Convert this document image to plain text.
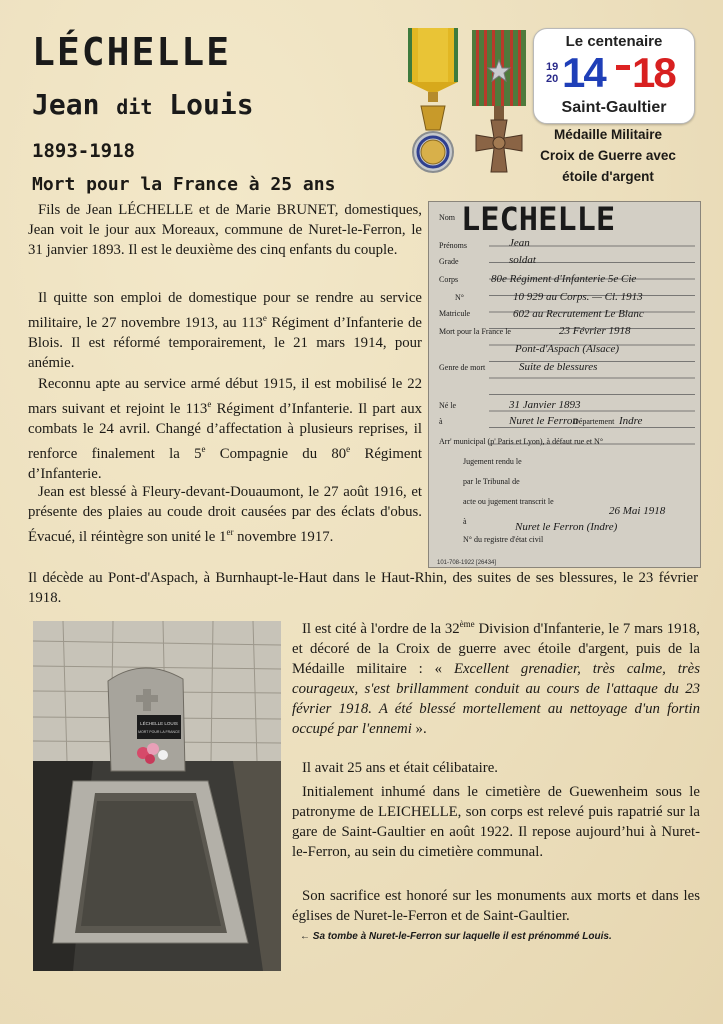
LÉCHELLE
Jean dit Louis
1893-1918
Mort pour la France à 25 ans
Médaille Militaire
Croix de Guerre avec
étoile d'argent
Le centenaire
19
20 14 18
Saint-Gaultier
LECHELLE
Nom
Prénoms
Grade
Corps
N°
Matricule
Mort pour la France le
Genre de mort
Né le
à	Département
Arr' municipal (p' Paris et Lyon), à défaut rue et N°
Jugement rendu le
par le Tribunal de
acte ou jugement transcrit le
à
N° du registre d'état civil
Jean
soldat
80e Régiment d'Infanterie 5e Cie
10 929 au Corps. — Cl. 1913
602 au Recrutement Le Blanc
23 Février 1918
Pont-d'Aspach (Alsace)
Suite de blessures
31 Janvier 1893
Nuret le Ferron	Indre
26 Mai 1918
Nuret le Ferron (Indre)
101-708-1922 [26434]
Fils de Jean LÉCHELLE et de Marie BRUNET, domestiques, Jean voit le jour aux Moreaux, commune de Nuret-le-Ferron, le 31 janvier 1893. Il est le deuxième des cinq enfants du couple.
Il quitte son emploi de domestique pour se rendre au service militaire, le 27 novembre 1913, au 113e Régiment d’Infanterie de Blois. Il est réformé temporairement, le 21 mars 1914, pour anémie.
Reconnu apte au service armé début 1915, il est mobilisé le 22 mars suivant et rejoint le 113e Régiment d’Infanterie. Il part aux combats le 24 avril. Changé d’affectation à plusieurs reprises, il renforce finalement la 5e Compagnie du 80e Régiment d’Infanterie.
Jean est blessé à Fleury-devant-Douaumont, le 27 août 1916, et présente des plaies au coude droit causées par des éclats d'obus. Évacué, il réintègre son unité le 1er novembre 1917.
Il décède au Pont-d'Aspach, à Burnhaupt-le-Haut dans le Haut-Rhin, des suites de ses blessures, le 23 février 1918.
LÉCHELLE LOUIS
MORT POUR LA FRANCE
Il est cité à l'ordre de la 32ème Division d'Infanterie, le 7 mars 1918, et décoré de la Croix de guerre avec étoile d'argent, puis de la Médaille militaire : « Excellent grenadier, très calme, très courageux, s'est brillamment conduit au cours de l'attaque du 23 février 1918. A été blessé mortellement au nettoyage d'un fortin occupé par l'ennemi ».
Il avait 25 ans et était célibataire.
Initialement inhumé dans le cimetière de Guewenheim sous le patronyme de LEICHELLE, son corps est relevé puis rapatrié sur la gare de Saint-Gaultier en août 1922. Il repose aujourd’hui à Nuret-le-Ferron, au sein du cimetière communal.
Son sacrifice est honoré sur les monuments aux morts et dans les églises de Nuret-le-Ferron et de Saint-Gaultier.
← Sa tombe à Nuret-le-Ferron sur laquelle il est prénommé Louis.
